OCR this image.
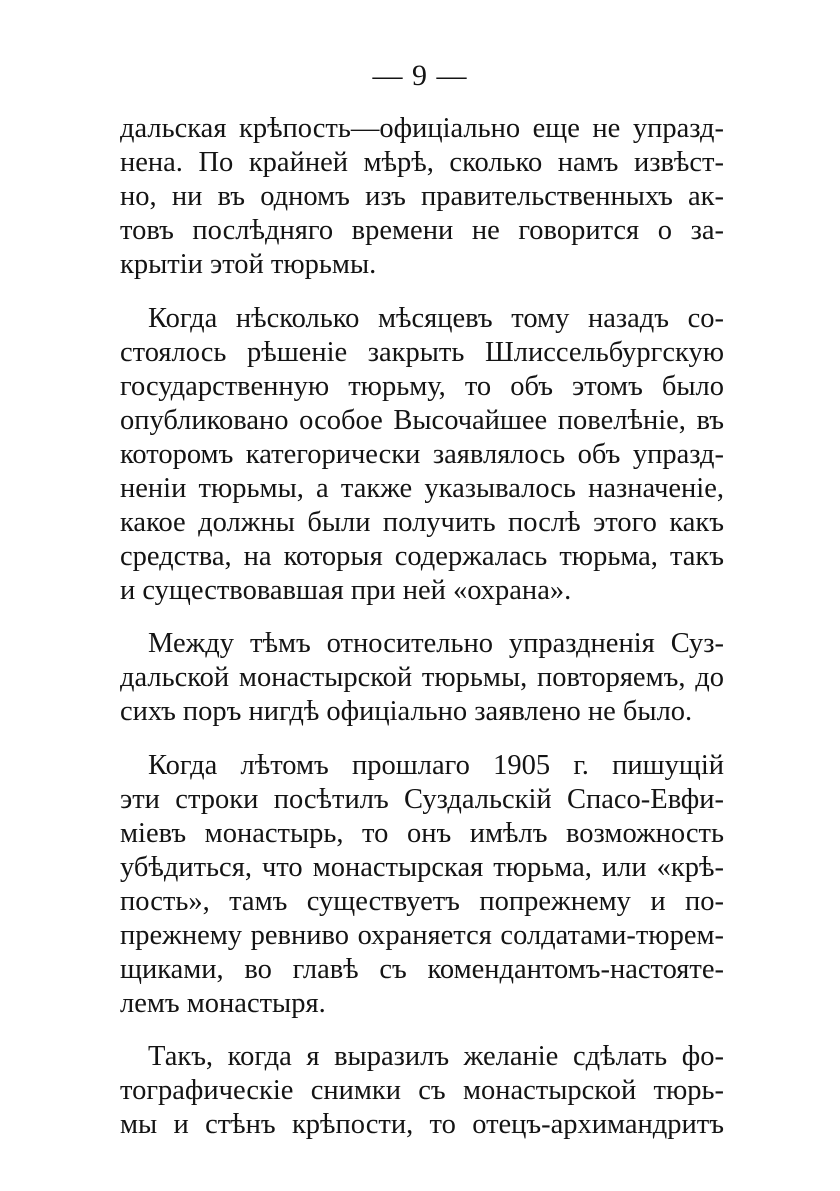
— 9 —
дальская крѣпость—офиціально еще не упразд-
нена. По крайней мѣрѣ, сколько намъ извѣст-
но, ни въ одномъ изъ правительственныхъ ак-
товъ послѣдняго времени не говорится о за-
крытіи этой тюрьмы.
Когда нѣсколько мѣсяцевъ тому назадъ со-
стоялось рѣшеніе закрыть Шлиссельбургскую
государственную тюрьму, то объ этомъ было
опубликовано особое Высочайшее повелѣніе, въ
которомъ категорически заявлялось объ упразд-
неніи тюрьмы, а также указывалось назначеніе,
какое должны были получить послѣ этого какъ
средства, на которыя содержалась тюрьма, такъ
и существовавшая при ней «охрана».
Между тѣмъ относительно упраздненія Суз-
дальской монастырской тюрьмы, повторяемъ, до
сихъ поръ нигдѣ офиціально заявлено не было.
Когда лѣтомъ прошлаго 1905 г. пишущій
эти строки посѣтилъ Суздальскій Спасо-Евфи-
міевъ монастырь, то онъ имѣлъ возможность
убѣдиться, что монастырская тюрьма, или «крѣ-
пость», тамъ существуетъ попрежнему и по-
прежнему ревниво охраняется солдатами-тюрем-
щиками, во главѣ съ комендантомъ-настояте-
лемъ монастыря.
Такъ, когда я выразилъ желаніе сдѣлать фо-
тографическіе снимки съ монастырской тюрь-
мы и стѣнъ крѣпости, то отецъ-архимандритъ
